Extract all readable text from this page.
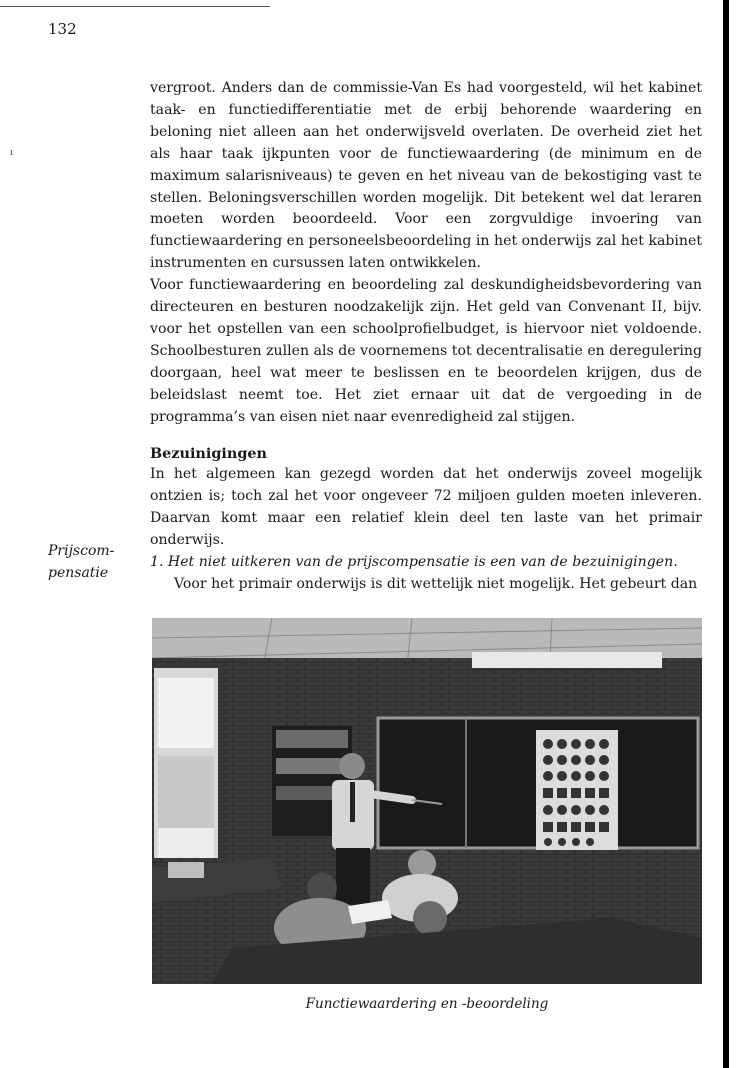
132
ı

vergroot. Anders dan de commissie-Van Es had voorgesteld, wil het kabinet taak- en functiedifferentiatie met de erbij behorende waardering en beloning niet alleen aan het onderwijsveld overlaten. De overheid ziet het als haar taak ijkpunten voor de functiewaardering (de minimum en de maximum salarisniveaus) te geven en het niveau van de bekostiging vast te stellen. Beloningsverschillen worden mogelijk. Dit betekent wel dat leraren moeten worden beoordeeld. Voor een zorgvuldige invoering van functiewaardering en personeelsbeoordeling in het onderwijs zal het kabinet instrumenten en cursussen laten ontwikkelen.

Voor functiewaardering en beoordeling zal deskundigheidsbevordering van directeuren en besturen noodzakelijk zijn. Het geld van Convenant II, bijv. voor het opstellen van een schoolprofielbudget, is hiervoor niet voldoende. Schoolbesturen zullen als de voornemens tot decentralisatie en deregulering doorgaan, heel wat meer te beslissen en te beoordelen krijgen, dus de beleidslast neemt toe. Het ziet ernaar uit dat de vergoeding in de programma’s van eisen niet naar evenredigheid zal stijgen.

Bezuinigingen

In het algemeen kan gezegd worden dat het onderwijs zoveel mogelijk ontzien is; toch zal het voor ongeveer 72 miljoen gulden moeten inleveren. Daarvan komt maar een relatief klein deel ten laste van het primair onderwijs.

1. Het niet uitkeren van de prijscompensatie is een van de bezuinigingen.

Voor het primair onderwijs is dit wettelijk niet mogelijk. Het gebeurt dan

Prijscom-
pensatie
Functiewaardering en -beoordeling
